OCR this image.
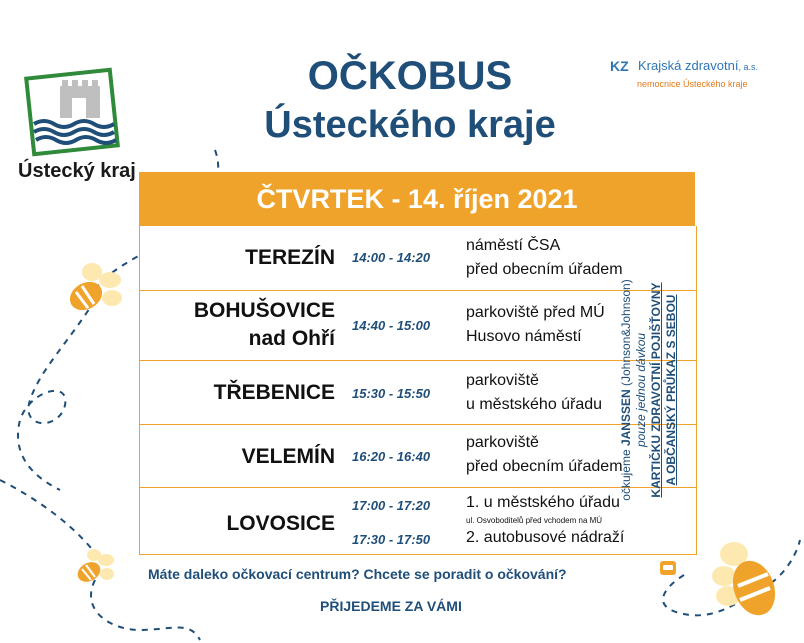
Ústecký kraj
OČKOBUS
Ústeckého kraje
KZ Krajská zdravotní, a.s.
nemocnice Ústeckého kraje
ČTVRTEK - 14. říjen 2021
TEREZÍN 14:00 - 14:20
náměstí ČSA
před obecním úřadem
BOHUŠOVICE
nad Ohří
14:40 - 15:00
parkoviště před MÚ
Husovo náměstí
TŘEBENICE 15:30 - 15:50
parkoviště
u městského úřadu
VELEMÍN 16:20 - 16:40
parkoviště
před obecním úřadem
LOVOSICE
17:00 - 17:20
17:30 - 17:50
1. u městského úřadu
ul. Osvoboditelů před vchodem na MÚ
2. autobusové nádraží
očkujeme JANSSEN (Johnson&Johnson) pouze jednou dávkou KARTIČKU ZDRAVOTNÍ POJIŠŤOVNY A OBČANSKÝ PRŮKAZ S SEBOU
Máte daleko očkovací centrum? Chcete se poradit o očkování?
PŘIJEDEME ZA VÁMI
